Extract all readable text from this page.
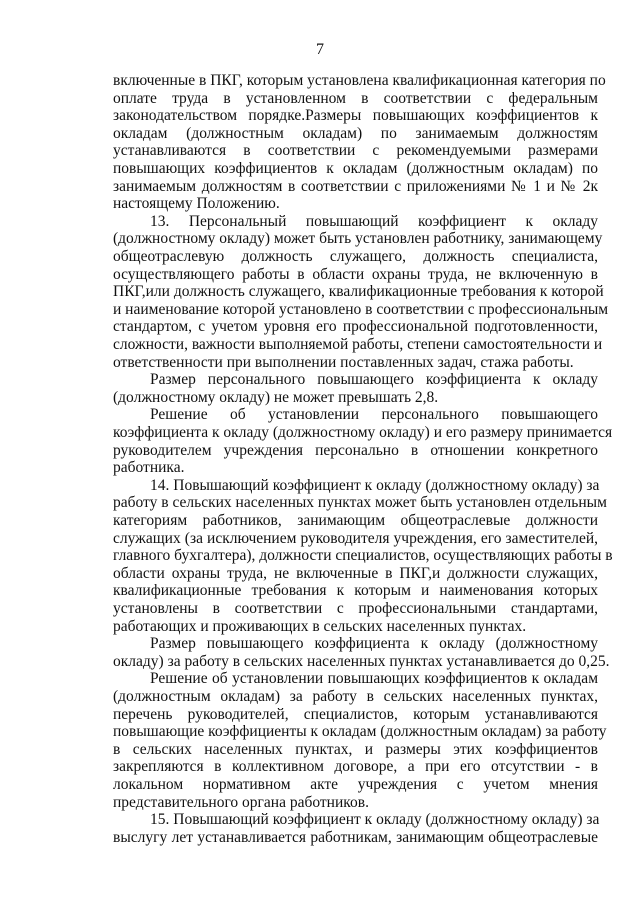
7
включенные в ПКГ, которым установлена квалификационная категория по
оплате труда в установленном в соответствии с федеральным
законодательством порядке.Размеры повышающих коэффициентов к
окладам (должностным окладам) по занимаемым должностям
устанавливаются в соответствии с рекомендуемыми размерами
повышающих коэффициентов к окладам (должностным окладам) по
занимаемым должностям в соответствии с приложениями № 1 и № 2к
настоящему Положению.
13. Персональный повышающий коэффициент к окладу
(должностному окладу) может быть установлен работнику, занимающему
общеотраслевую должность служащего, должность специалиста,
осуществляющего работы в области охраны труда, не включенную в
ПКГ,или должность служащего, квалификационные требования к которой
и наименование которой установлено в соответствии с профессиональным
стандартом, с учетом уровня его профессиональной подготовленности,
сложности, важности выполняемой работы, степени самостоятельности и
ответственности при выполнении поставленных задач, стажа работы.
Размер персонального повышающего коэффициента к окладу
(должностному окладу) не может превышать 2,8.
Решение об установлении персонального повышающего
коэффициента к окладу (должностному окладу) и его размеру принимается
руководителем учреждения персонально в отношении конкретного
работника.
14. Повышающий коэффициент к окладу (должностному окладу) за
работу в сельских населенных пунктах может быть установлен отдельным
категориям работников, занимающим общеотраслевые должности
служащих (за исключением руководителя учреждения, его заместителей,
главного бухгалтера), должности специалистов, осуществляющих работы в
области охраны труда, не включенные в ПКГ,и должности служащих,
квалификационные требования к которым и наименования которых
установлены в соответствии с профессиональными стандартами,
работающих и проживающих в сельских населенных пунктах.
Размер повышающего коэффициента к окладу (должностному
окладу) за работу в сельских населенных пунктах устанавливается до 0,25.
Решение об установлении повышающих коэффициентов к окладам
(должностным окладам) за работу в сельских населенных пунктах,
перечень руководителей, специалистов, которым устанавливаются
повышающие коэффициенты к окладам (должностным окладам) за работу
в сельских населенных пунктах, и размеры этих коэффициентов
закрепляются в коллективном договоре, а при его отсутствии - в
локальном нормативном акте учреждения с учетом мнения
представительного органа работников.
15. Повышающий коэффициент к окладу (должностному окладу) за
выслугу лет устанавливается работникам, занимающим общеотраслевые
